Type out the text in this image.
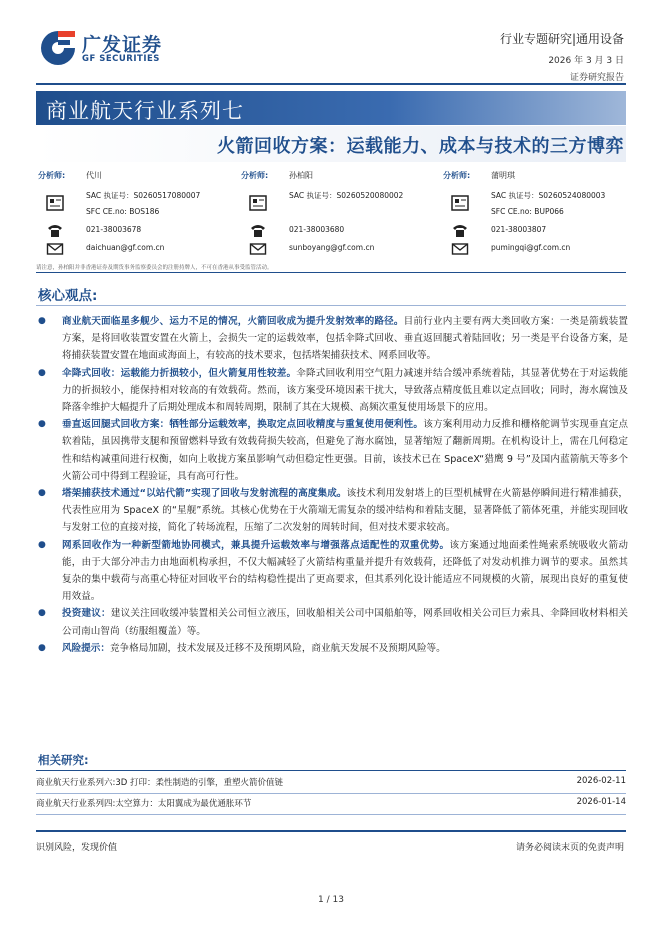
广发证券
GF SECURITIES
行业专题研究|通用设备
2026 年 3 月 3 日
证券研究报告
商业航天行业系列七
火箭回收方案：运载能力、成本与技术的三方博弈
分析师:	代川
SAC 执证号：S0260517080007
SFC CE.no: BOS186
021-38003678
daichuan@gf.com.cn
分析师:	孙柏阳
SAC 执证号：S0260520080002
021-38003680
sunboyang@gf.com.cn
分析师:	蒲明琪
SAC 执证号：S0260524080003
SFC CE.no: BUP066
021-38003807
pumingqi@gf.com.cn
请注意，孙柏阳并非香港证券及期货事务监察委员会的注册持牌人，不可在香港从事受监管活动。
核心观点:
● 商业航天面临星多舰少、运力不足的情况，火箭回收成为提升发射效率的路径。目前行业内主要有两大类回收方案：一类是箭载装置方案，是将回收装置安置在火箭上，会损失一定的运载效率，包括伞降式回收、垂直返回腿式着陆回收；另一类是平台设备方案，是将捕获装置安置在地面或海面上，有较高的技术要求，包括塔架捕获技术、网系回收等。
● 伞降式回收：运载能力折损较小，但火箭复用性较差。伞降式回收利用空气阻力减速并结合缓冲系统着陆，其显著优势在于对运载能力的折损较小，能保持相对较高的有效载荷。然而，该方案受环境因素干扰大，导致落点精度低且难以定点回收；同时，海水腐蚀及降落伞维护大幅提升了后期处理成本和周转周期，限制了其在大规模、高频次重复使用场景下的应用。
● 垂直返回腿式回收方案：牺牲部分运载效率，换取定点回收精度与重复使用便利性。该方案利用动力反推和栅格舵调节实现垂直定点软着陆，虽因携带支腿和预留燃料导致有效载荷损失较高，但避免了海水腐蚀，显著缩短了翻新周期。在机构设计上，需在几何稳定性和结构减重间进行权衡，如向上收拢方案虽影响气动但稳定性更强。目前，该技术已在 SpaceX“猎鹰 9 号”及国内蓝箭航天等多个火箭公司中得到工程验证，具有高可行性。
● 塔架捕获技术通过“以站代箭”实现了回收与发射流程的高度集成。该技术利用发射塔上的巨型机械臂在火箭悬停瞬间进行精准捕获，代表性应用为 SpaceX 的“星舰”系统。其核心优势在于火箭端无需复杂的缓冲结构和着陆支腿，显著降低了箭体死重，并能实现回收与发射工位的直接对接，简化了转场流程，压缩了二次发射的周转时间，但对技术要求较高。
● 网系回收作为一种新型箭地协同模式，兼具提升运载效率与增强落点适配性的双重优势。该方案通过地面柔性绳索系统吸收火箭动能，由于大部分冲击力由地面机构承担，不仅大幅减轻了火箭结构重量并提升有效载荷，还降低了对发动机推力调节的要求。虽然其复杂的集中载荷与高重心特征对回收平台的结构稳性提出了更高要求，但其系列化设计能适应不同规模的火箭，展现出良好的重复使用效益。
● 投资建议：建议关注回收缓冲装置相关公司恒立液压，回收船相关公司中国船舶等，网系回收相关公司巨力索具、伞降回收材料相关公司南山智尚（纺服组覆盖）等。
● 风险提示：竞争格局加剧，技术发展及迁移不及预期风险，商业航天发展不及预期风险等。
相关研究:
商业航天行业系列六:3D 打印：柔性制造的引擎，重塑火箭价值链	2026-02-11
商业航天行业系列四:太空算力：太阳翼成为最优通胀环节	2026-01-14
识别风险，发现价值	请务必阅读末页的免责声明
1 / 13
